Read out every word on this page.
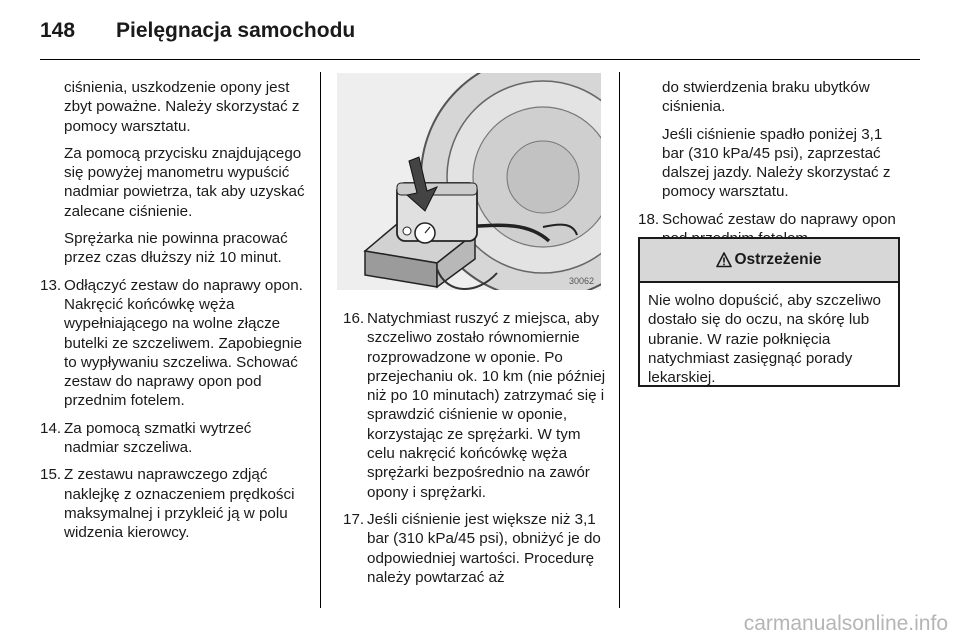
148 Pielęgnacja samochodu

ciśnienia, uszkodzenie opony jest zbyt poważne. Należy skorzystać z pomocy warsztatu.

Za pomocą przycisku znajdującego się powyżej manometru wypuścić nadmiar powietrza, tak aby uzyskać zalecane ciśnienie.

Sprężarka nie powinna pracować przez czas dłuższy niż 10 minut.

13. Odłączyć zestaw do naprawy opon. Nakręcić końcówkę węża wypełniającego na wolne złącze butelki ze szczeliwem. Zapobiegnie to wypływaniu szczeliwa. Schować zestaw do naprawy opon pod przednim fotelem.
14. Za pomocą szmatki wytrzeć nadmiar szczeliwa.
15. Z zestawu naprawczego zdjąć naklejkę z oznaczeniem prędkości maksymalnej i przykleić ją w polu widzenia kierowcy.
30062
16. Natychmiast ruszyć z miejsca, aby szczeliwo zostało równomiernie rozprowadzone w oponie. Po przejechaniu ok. 10 km (nie później niż po 10 minutach) zatrzymać się i sprawdzić ciśnienie w oponie, korzystając ze sprężarki. W tym celu nakręcić końcówkę węża sprężarki bezpośrednio na zawór opony i sprężarki.
17. Jeśli ciśnienie jest większe niż 3,1 bar (310 kPa/45 psi), obniżyć je do odpowiedniej wartości. Procedurę należy powtarzać aż

do stwierdzenia braku ubytków ciśnienia.

Jeśli ciśnienie spadło poniżej 3,1 bar (310 kPa/45 psi), zaprzestać dalszej jazdy. Należy skorzystać z pomocy warsztatu.

18. Schować zestaw do naprawy opon
Ostrzeżenie
Nie wolno dopuścić, aby szczeliwo dostało się do oczu, na skórę lub ubranie. W razie połknięcia natychmiast zasięgnąć porady lekarskiej.
carmanualsonline.info
